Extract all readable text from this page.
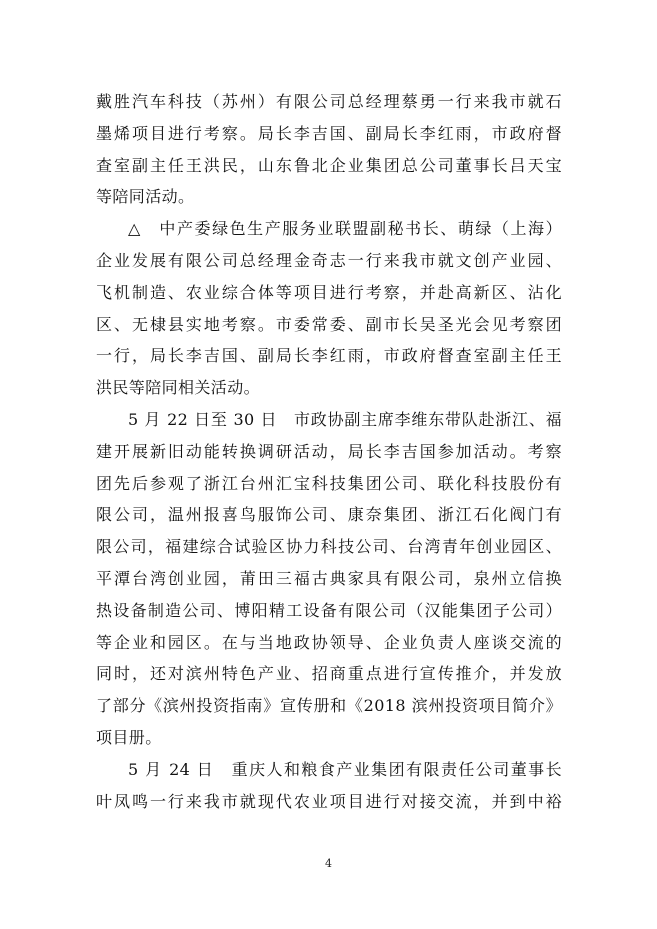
戴胜汽车科技（苏州）有限公司总经理蔡勇一行来我市就石
墨烯项目进行考察。局长李吉国、副局长李红雨，市政府督
查室副主任王洪民，山东鲁北企业集团总公司董事长吕天宝
等陪同活动。
△　中产委绿色生产服务业联盟副秘书长、萌绿（上海）
企业发展有限公司总经理金奇志一行来我市就文创产业园、
飞机制造、农业综合体等项目进行考察，并赴高新区、沾化
区、无棣县实地考察。市委常委、副市长吴圣光会见考察团
一行，局长李吉国、副局长李红雨，市政府督查室副主任王
洪民等陪同相关活动。
5 月 22 日至 30 日　市政协副主席李维东带队赴浙江、福
建开展新旧动能转换调研活动，局长李吉国参加活动。考察
团先后参观了浙江台州汇宝科技集团公司、联化科技股份有
限公司，温州报喜鸟服饰公司、康奈集团、浙江石化阀门有
限公司，福建综合试验区协力科技公司、台湾青年创业园区、
平潭台湾创业园，莆田三福古典家具有限公司，泉州立信换
热设备制造公司、博阳精工设备有限公司（汉能集团子公司）
等企业和园区。在与当地政协领导、企业负责人座谈交流的
同时，还对滨州特色产业、招商重点进行宣传推介，并发放
了部分《滨州投资指南》宣传册和《2018 滨州投资项目简介》
项目册。
5 月 24 日　重庆人和粮食产业集团有限责任公司董事长
叶凤鸣一行来我市就现代农业项目进行对接交流，并到中裕
4
